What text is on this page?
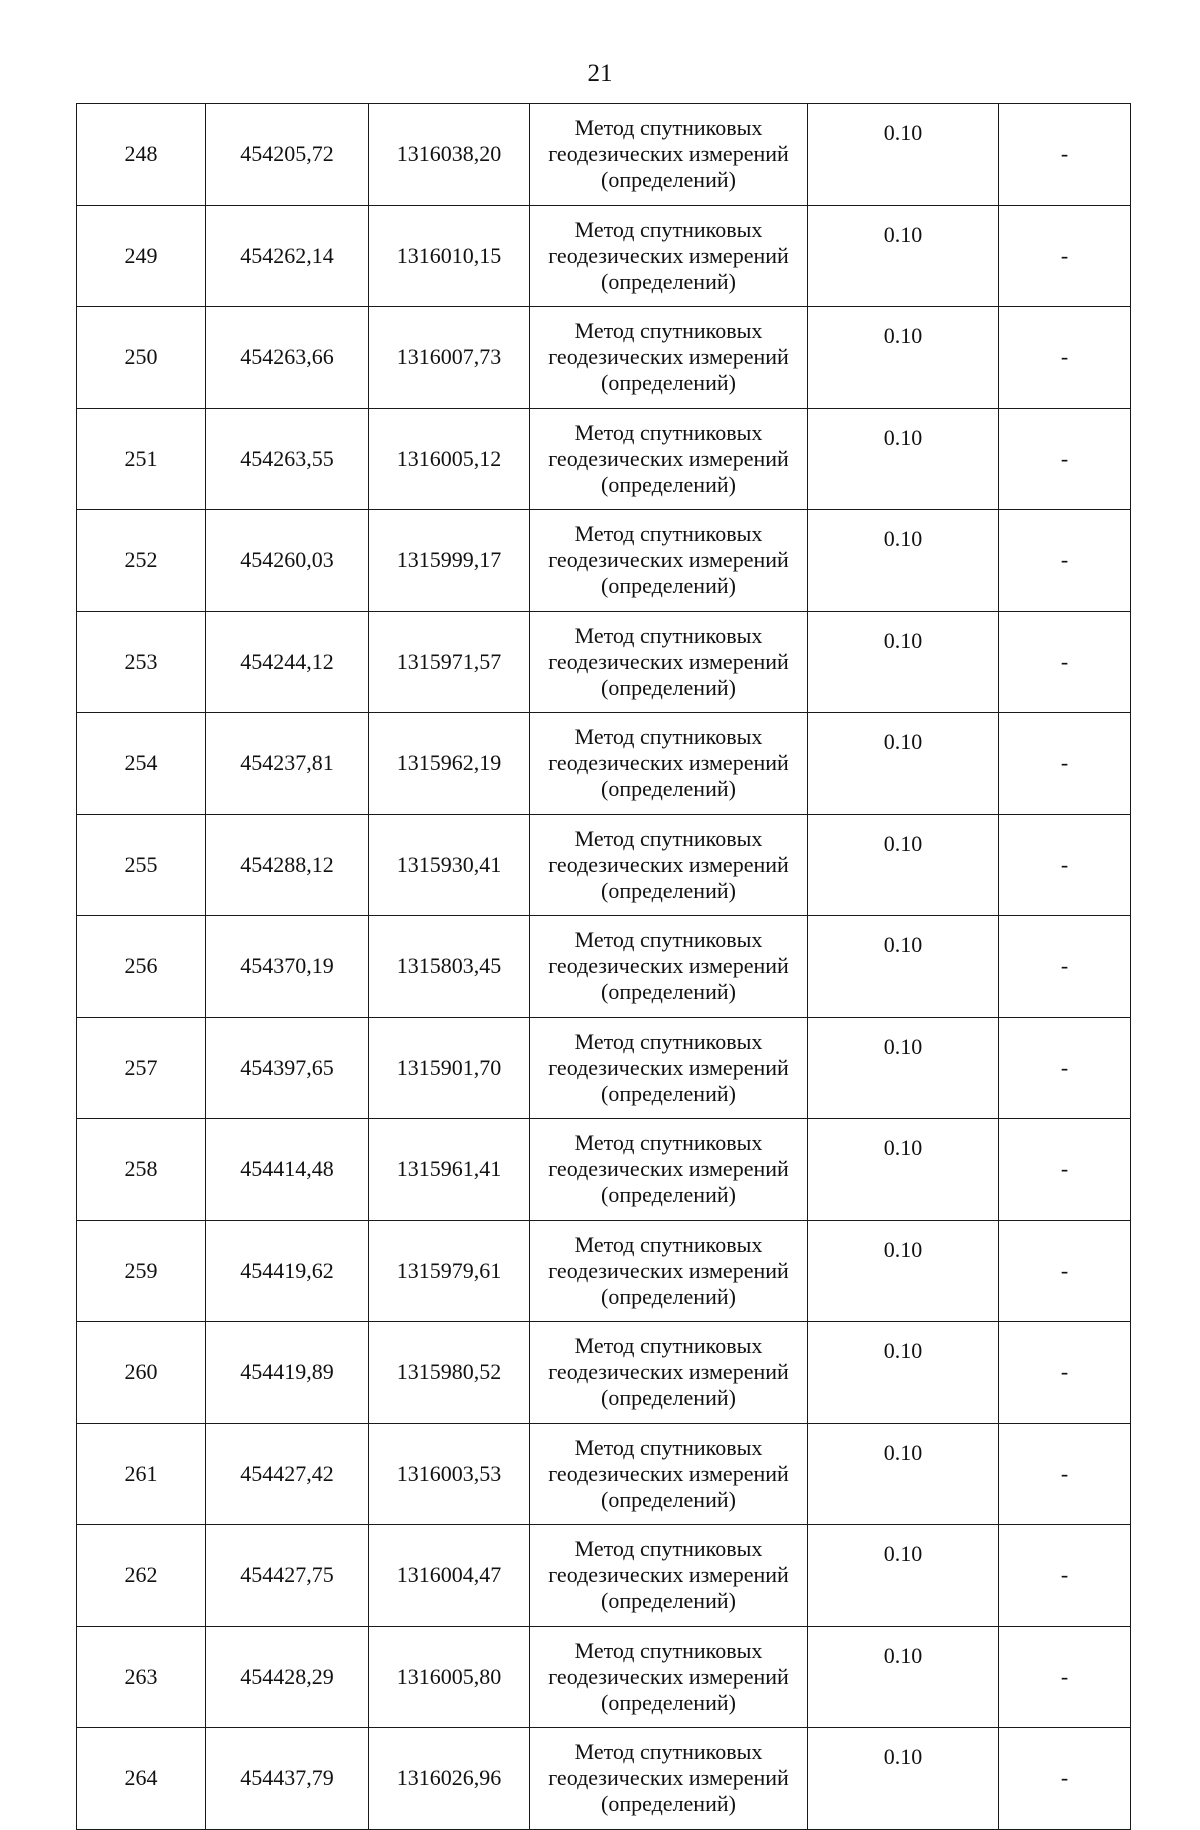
21
248	454205,72	1316038,20	Метод спутниковых
геодезических измерений
(определений)	0.10	-
249	454262,14	1316010,15	Метод спутниковых
геодезических измерений
(определений)	0.10	-
250	454263,66	1316007,73	Метод спутниковых
геодезических измерений
(определений)	0.10	-
251	454263,55	1316005,12	Метод спутниковых
геодезических измерений
(определений)	0.10	-
252	454260,03	1315999,17	Метод спутниковых
геодезических измерений
(определений)	0.10	-
253	454244,12	1315971,57	Метод спутниковых
геодезических измерений
(определений)	0.10	-
254	454237,81	1315962,19	Метод спутниковых
геодезических измерений
(определений)	0.10	-
255	454288,12	1315930,41	Метод спутниковых
геодезических измерений
(определений)	0.10	-
256	454370,19	1315803,45	Метод спутниковых
геодезических измерений
(определений)	0.10	-
257	454397,65	1315901,70	Метод спутниковых
геодезических измерений
(определений)	0.10	-
258	454414,48	1315961,41	Метод спутниковых
геодезических измерений
(определений)	0.10	-
259	454419,62	1315979,61	Метод спутниковых
геодезических измерений
(определений)	0.10	-
260	454419,89	1315980,52	Метод спутниковых
геодезических измерений
(определений)	0.10	-
261	454427,42	1316003,53	Метод спутниковых
геодезических измерений
(определений)	0.10	-
262	454427,75	1316004,47	Метод спутниковых
геодезических измерений
(определений)	0.10	-
263	454428,29	1316005,80	Метод спутниковых
геодезических измерений
(определений)	0.10	-
264	454437,79	1316026,96	Метод спутниковых
геодезических измерений
(определений)	0.10	-
